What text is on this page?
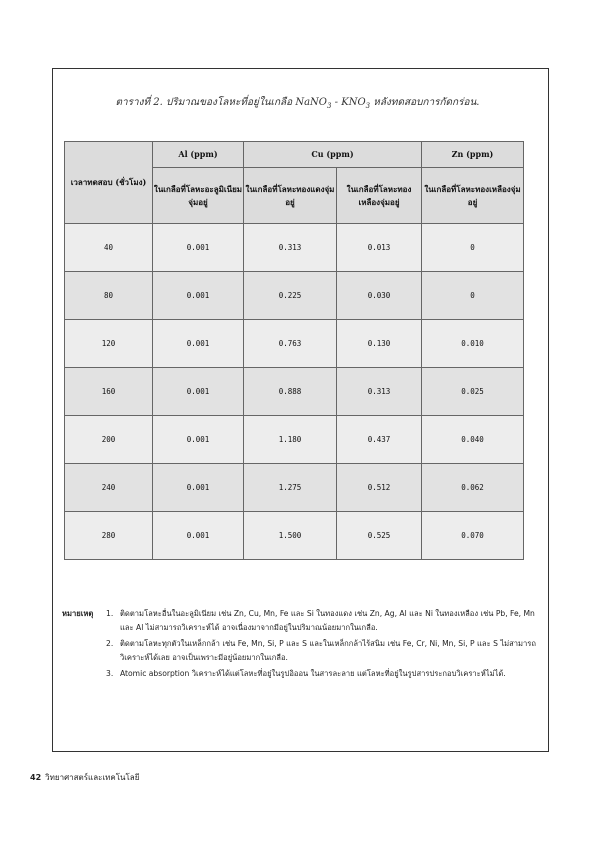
ตารางที่ 2. ปริมาณของโลหะที่อยู่ในเกลือ NaNO$_3$ - $KNO_3$ หลังทดสอบการกัดกร่อน.
เวลาทดสอบ (ชั่วโมง)	Al (ppm)	Cu (ppm)		Zn (ppm)
	ในเกลือที่โลหะอะลูมิเนียมจุ่มอยู่	ในเกลือที่โลหะทองแดงจุ่มอยู่	ในเกลือที่โลหะทองเหลืองจุ่มอยู่	ในเกลือที่โลหะทองเหลืองจุ่มอยู่
40	0.001	0.313	0.013	0
80	0.001	0.225	0.030	0
120	0.001	0.763	0.130	0.010
160	0.001	0.888	0.313	0.025
200	0.001	1.180	0.437	0.040
240	0.001	1.275	0.512	0.062
280	0.001	1.500	0.525	0.070
หมายเหตุ 1. ติดตามโลหะอื่นในอะลูมิเนียม เช่น Zn, Cu, Mn, Fe และ Si ในทองแดง เช่น Zn, Ag, Al และ Ni ในทองเหลือง เช่น Pb, Fe, Mn และ Al ไม่สามารถวิเคราะห์ได้ อาจเนื่องมาจากมีอยู่ในปริมาณน้อยมากในเกลือ.
2. ติดตามโลหะทุกตัวในเหล็กกล้า เช่น Fe, Mn, Si, P และ S และในเหล็กกล้าไร้สนิม เช่น Fe, Cr, Ni, Mn, Si, P และ S ไม่สามารถวิเคราะห์ได้เลย อาจเป็นเพราะมีอยู่น้อยมากในเกลือ.
3. Atomic absorption วิเคราะห์ได้แต่โลหะที่อยู่ในรูปอิออน ในสารละลาย แต่โลหะที่อยู่ในรูปสารประกอบวิเคราะห์ไม่ได้.
42 วิทยาศาสตร์และเทคโนโลยี
